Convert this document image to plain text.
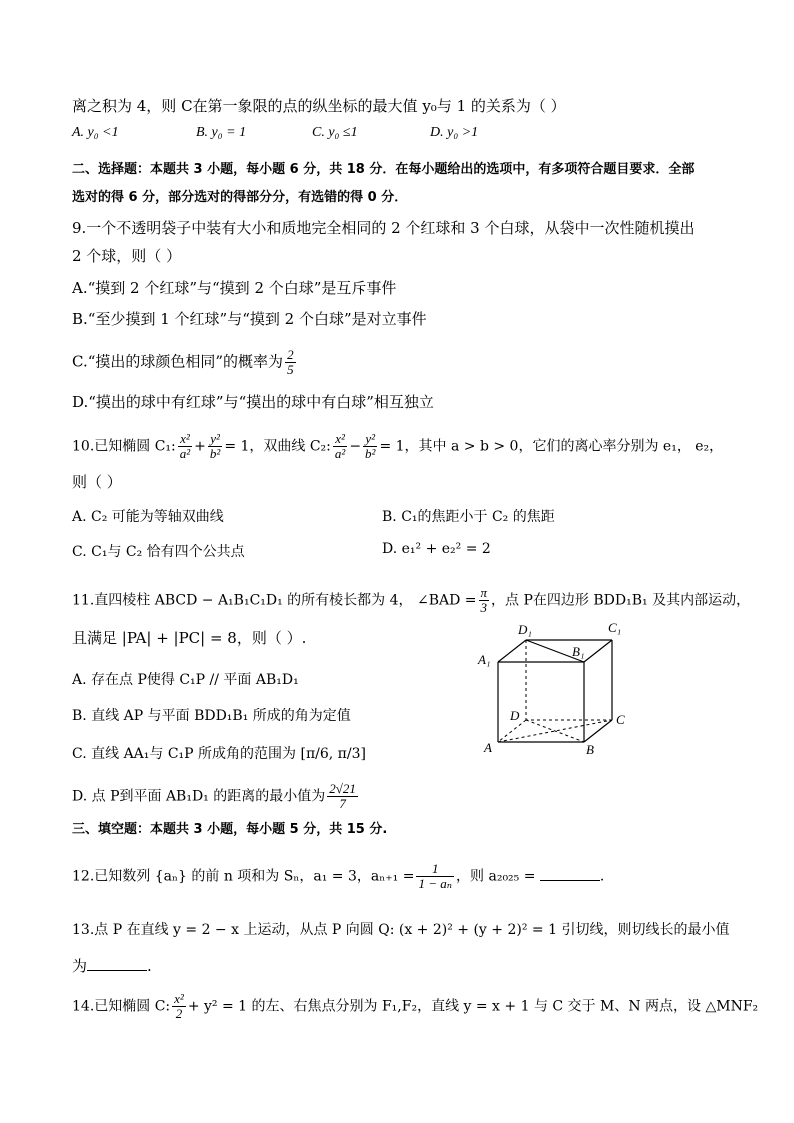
离之积为 4，则 C在第一象限的点的纵坐标的最大值 y₀与 1 的关系为（ ）
A. y₀ <1	B. y₀ = 1	C. y₀ ≤1	D. y₀ >1
二、选择题：本题共 3 小题，每小题 6 分，共 18 分．在每小题给出的选项中，有多项符合题目要求．全部
选对的得 6 分，部分选对的得部分分，有选错的得 0 分．
9.一个不透明袋子中装有大小和质地完全相同的 2 个红球和 3 个白球，从袋中一次性随机摸出
2 个球，则（ ）
A.“摸到 2 个红球”与“摸到 2 个白球”是互斥事件
B.“至少摸到 1 个红球”与“摸到 2 个白球”是对立事件
C.“摸出的球颜色相同”的概率为 $\frac{2}{5}$
D.“摸出的球中有红球”与“摸出的球中有白球”相互独立
10.已知椭圆 C₁: $\frac{\text{x²}}{\text{a²}} + \frac{\text{y²}}{\text{b²}} = 1$，双曲线 C₂: $\frac{\text{x²}}{\text{a²}} - \frac{\text{y²}}{\text{b²}} = 1$，其中 a > b > 0，它们的离心率分别为 e₁， e₂，
则（ ）
A. C₂ 可能为等轴双曲线	B. C₁的焦距小于 C₂ 的焦距
C. C₁与 C₂ 恰有四个公共点	D. e₁² + e₂² = 2
11.直四棱柱 ABCD − A₁B₁C₁D₁ 的所有棱长都为 4， ∠BAD = $\frac{\pi}{3}$ ，点 P在四边形 BDD₁B₁ 及其内部运动，
且满足 |PA| + |PC| = 8，则（ ）.
A. 存在点 P使得 C₁P // 平面 AB₁D₁
B. 直线 AP 与平面 BDD₁B₁ 所成的角为定值
C. 直线 AA₁与 C₁P 所成角的范围为 [π/6, π/3]
D. 点 P到平面 AB₁D₁ 的距离的最小值为 $\frac{2√21}{7}$
D₁	C₁
A₁
B₁
D	C
A	B
三、填空题：本题共 3 小题，每小题 5 分，共 15 分.
12.已知数列 {aₙ} 的前 n 项和为 Sₙ，a₁ = 3，$a_{n+1} = \frac{1}{\text{1 − aₙ}}$ ，则 a₂₀₂₅ =	.
13.点 P 在直线 y = 2 − x 上运动，从点 P 向圆 Q: (x + 2)² + (y + 2)² = 1 引切线，则切线长的最小值
为	.
14.已知椭圆 C: $\frac{\text{x²}}{2} + y^2 = 1$ 的左、右焦点分别为 F₁,F₂，直线 y = x + 1 与 C 交于 M、N 两点，设 △MNF₂
